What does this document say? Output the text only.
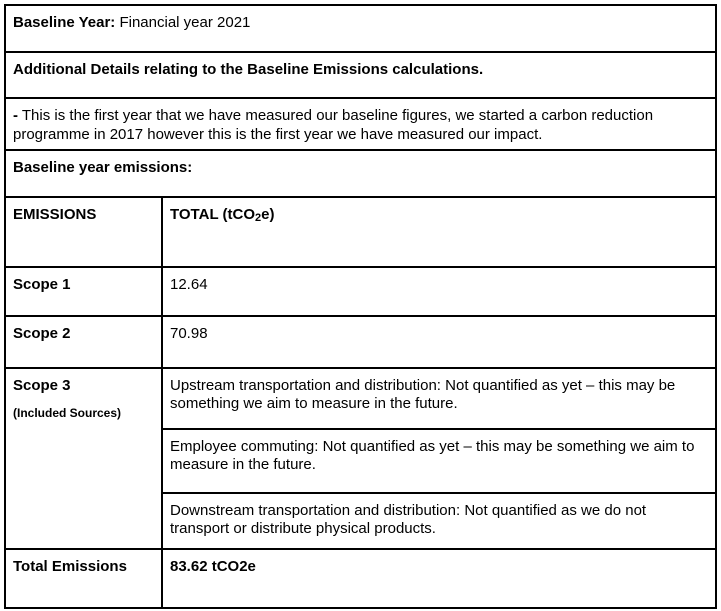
Baseline Year: Financial year 2021	
Additional Details relating to the Baseline Emissions calculations.	
- This is the first year that we have measured our baseline figures, we started a carbon reduction programme in 2017 however this is the first year we have measured our impact.	
Baseline year emissions:	
EMISSIONS	TOTAL (tCO2e)
Scope 1	12.64
Scope 2	70.98

Scope 3
(Included Sources)	Upstream transportation and distribution: Not quantified as yet – this may be something we aim to measure in the future.
	Employee commuting: Not quantified as yet – this may be something we aim to measure in the future.
	Downstream transportation and distribution: Not quantified as we do not transport or distribute physical products.
Total Emissions	83.62 tCO2e
